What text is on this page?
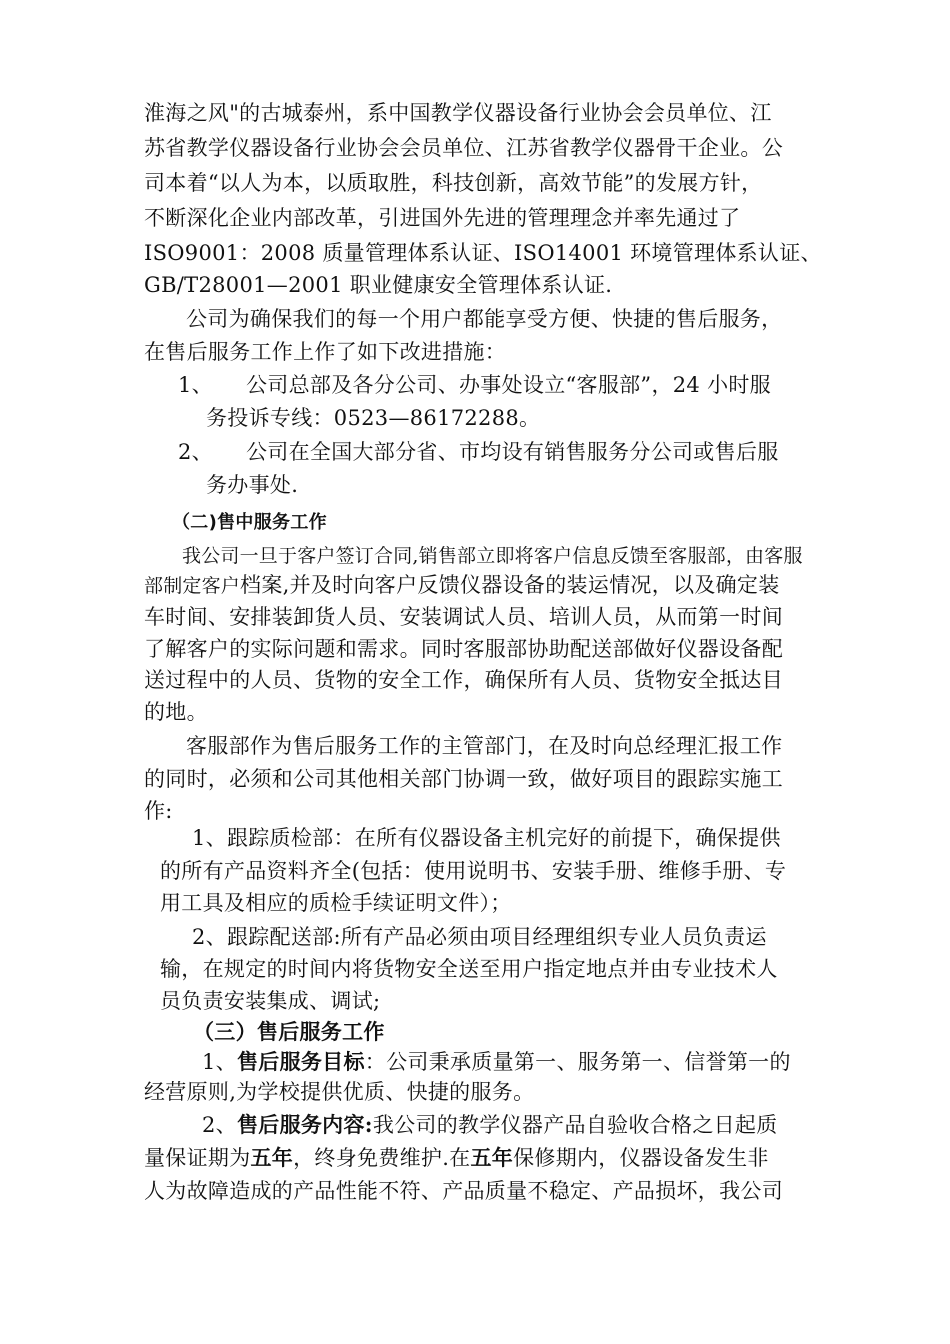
淮海之风"的古城泰州，系中国教学仪器设备行业协会会员单位、江
苏省教学仪器设备行业协会会员单位、江苏省教学仪器骨干企业。公
司本着“以人为本，以质取胜，科技创新，高效节能”的发展方针，
不断深化企业内部改革，引进国外先进的管理理念并率先通过了
ISO9001：2008 质量管理体系认证、ISO14001 环境管理体系认证、
GB/T28001—2001 职业健康安全管理体系认证.
公司为确保我们的每一个用户都能享受方便、快捷的售后服务，
在售后服务工作上作了如下改进措施：
1、 公司总部及各分公司、办事处设立“客服部”，24 小时服
务投诉专线：0523—86172288。
2、 公司在全国大部分省、市均设有销售服务分公司或售后服
务办事处.
（二)售中服务工作
我公司一旦于客户签订合同,销售部立即将客户信息反馈至客服部，由客服
部制定客户档案,并及时向客户反馈仪器设备的装运情况，以及确定装
车时间、安排装卸货人员、安装调试人员、培训人员，从而第一时间
了解客户的实际问题和需求。同时客服部协助配送部做好仪器设备配
送过程中的人员、货物的安全工作，确保所有人员、货物安全抵达目
的地。
客服部作为售后服务工作的主管部门，在及时向总经理汇报工作
的同时，必须和公司其他相关部门协调一致，做好项目的跟踪实施工
作:
1、跟踪质检部：在所有仪器设备主机完好的前提下，确保提供
的所有产品资料齐全(包括：使用说明书、安装手册、维修手册、专
用工具及相应的质检手续证明文件）；
2、跟踪配送部:所有产品必须由项目经理组织专业人员负责运
输，在规定的时间内将货物安全送至用户指定地点并由专业技术人
员负责安装集成、调试;
（三）售后服务工作
1、售后服务目标：公司秉承质量第一、服务第一、信誉第一的
经营原则,为学校提供优质、快捷的服务。
2、售后服务内容:我公司的教学仪器产品自验收合格之日起质
量保证期为五年，终身免费维护.在五年保修期内，仪器设备发生非
人为故障造成的产品性能不符、产品质量不稳定、产品损坏，我公司
